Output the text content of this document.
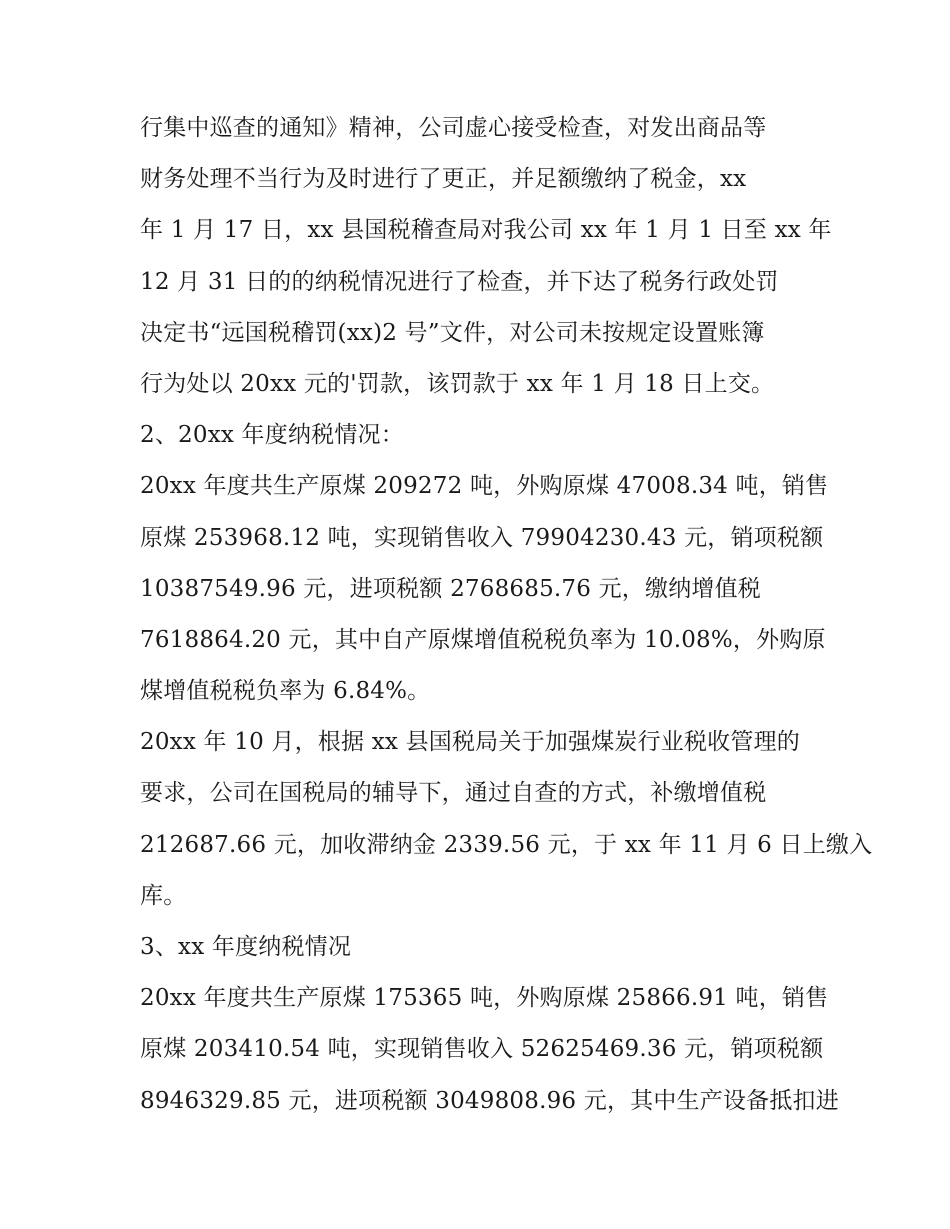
行集中巡查的通知》精神，公司虚心接受检查，对发出商品等
财务处理不当行为及时进行了更正，并足额缴纳了税金，xx
年 1 月 17 日，xx 县国税稽查局对我公司 xx 年 1 月 1 日至 xx 年
12 月 31 日的的纳税情况进行了检查，并下达了税务行政处罚
决定书“远国税稽罚(xx)2 号”文件，对公司未按规定设置账簿
行为处以 20xx 元的'罚款，该罚款于 xx 年 1 月 18 日上交。
2、20xx 年度纳税情况：
20xx 年度共生产原煤 209272 吨，外购原煤 47008.34 吨，销售
原煤 253968.12 吨，实现销售收入 79904230.43 元，销项税额
10387549.96 元，进项税额 2768685.76 元，缴纳增值税
7618864.20 元，其中自产原煤增值税税负率为 10.08%，外购原
煤增值税税负率为 6.84%。
20xx 年 10 月，根据 xx 县国税局关于加强煤炭行业税收管理的
要求，公司在国税局的辅导下，通过自查的方式，补缴增值税
212687.66 元，加收滞纳金 2339.56 元，于 xx 年 11 月 6 日上缴入
库。
3、xx 年度纳税情况
20xx 年度共生产原煤 175365 吨，外购原煤 25866.91 吨，销售
原煤 203410.54 吨，实现销售收入 52625469.36 元，销项税额
8946329.85 元，进项税额 3049808.96 元，其中生产设备抵扣进
